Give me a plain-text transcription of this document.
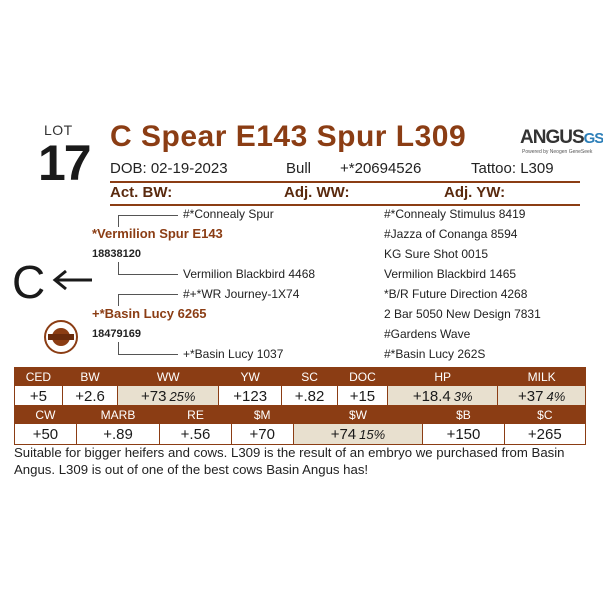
LOT
17 C Spear E143 Spur L309	ANGUSGS
Powered by Neogen GeneSeek
DOB: 02-19-2023	Bull +*20694526	Tattoo: L309
Act. BW:	Adj. WW:	Adj. YW:
#*Connealy Spur
*Vermilion Spur E143
18838120
Vermilion Blackbird 4468
#+*WR Journey-1X74
+*Basin Lucy 6265
18479169
+*Basin Lucy 1037
#*Connealy Stimulus 8419
#Jazza of Conanga 8594
KG Sure Shot 0015
Vermilion Blackbird 1465
*B/R Future Direction 4268
2 Bar 5050 New Design 7831
#Gardens Wave
#*Basin Lucy 262S
C
CED	BW	WW	YW	SC	DOC	HP	MILK
+5	+2.6	+73 25%	+123	+.82	+15	+18.4 3%	+37 4%
CW	MARB	RE	$M	$W	$B	$C
+50	+.89	+.56	+70	+74 15%	+150	+265
Suitable for bigger heifers and cows. L309 is the result of an embryo we purchased from Basin Angus. L309 is out of one of the best cows Basin Angus has!
